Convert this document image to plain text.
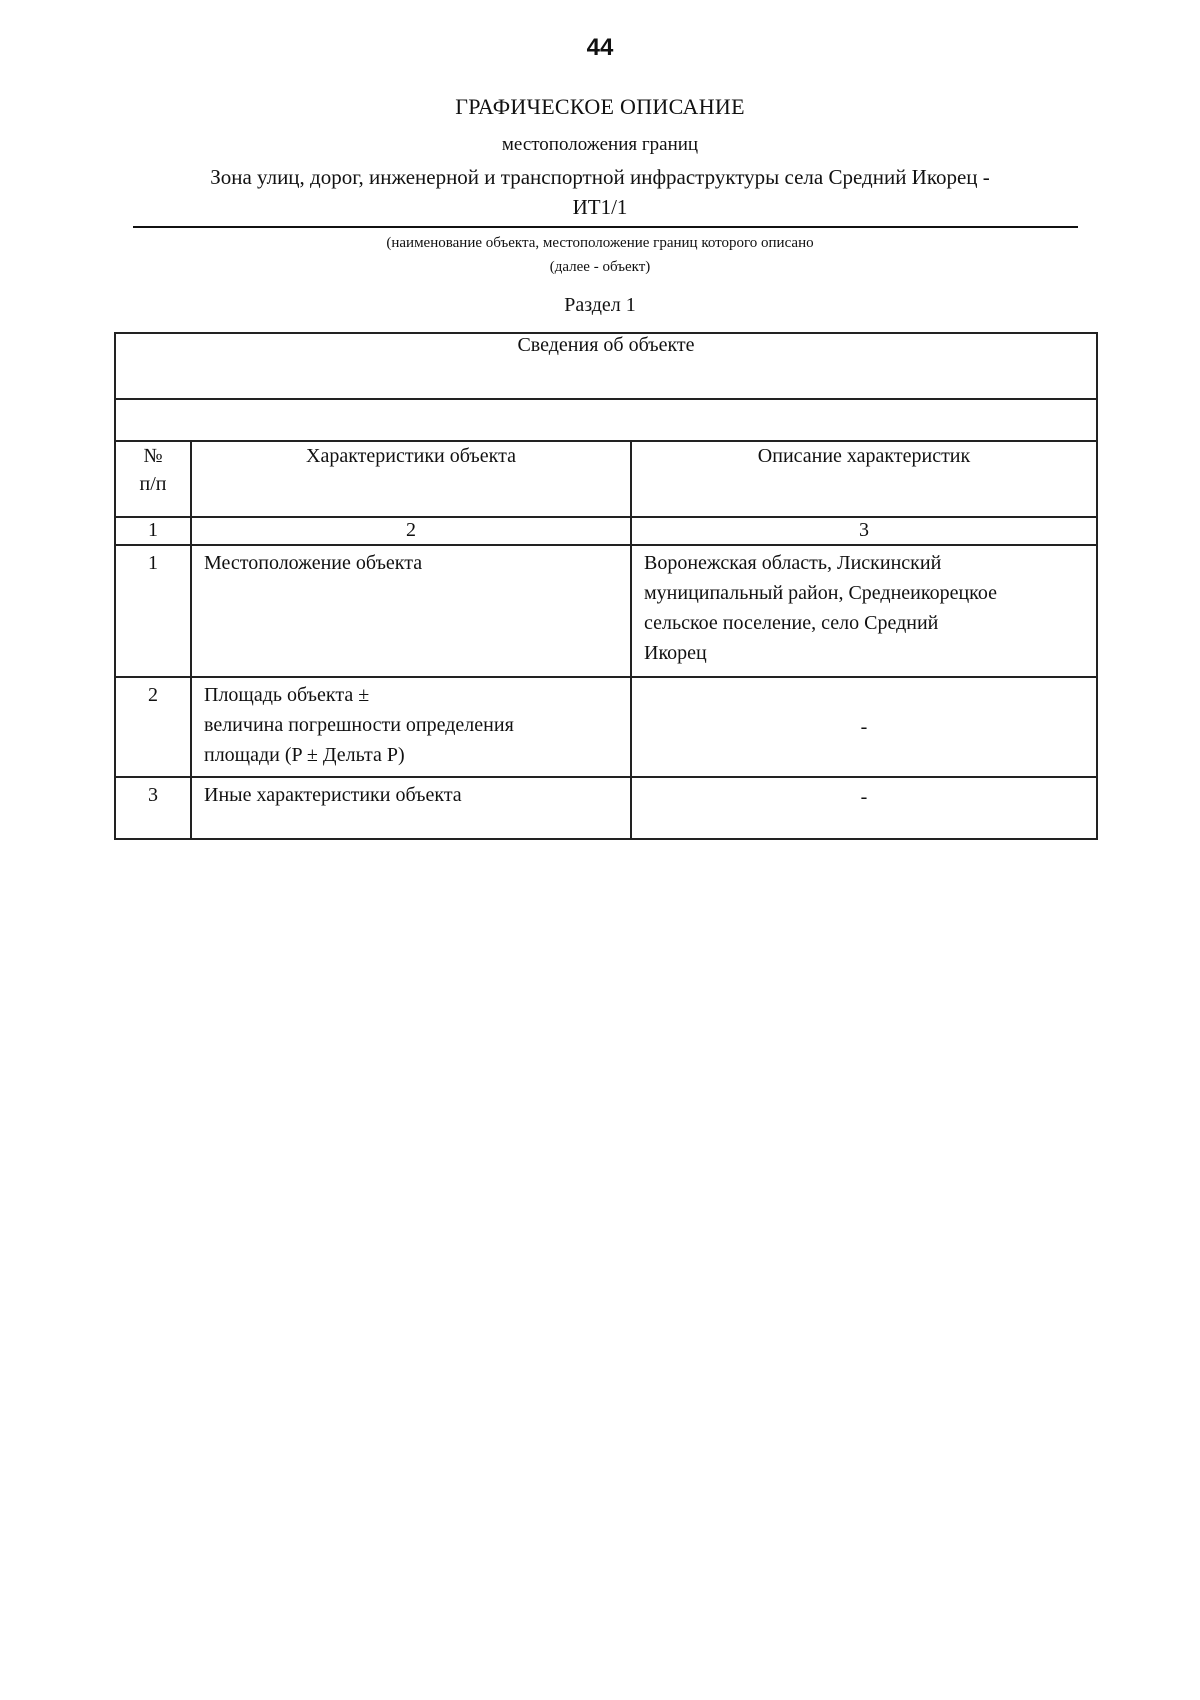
44
ГРАФИЧЕСКОЕ ОПИСАНИЕ
местоположения границ
Зона улиц, дорог, инженерной и транспортной инфраструктуры села Средний Икорец -
ИТ1/1
(наименование объекта, местоположение границ которого описано
(далее - объект)
Раздел 1
Сведения об объекте		

№
п/п	Характеристики объекта	Описание характеристик
1	2	3
1	Местоположение объекта	Воронежская область, Лискинский
муниципальный район, Среднеикорецкое
сельское поселение, село Средний
Икорец

2	Площадь объекта ±
величина погрешности определения
площади (P ± Дельта P)	-
3	Иные характеристики объекта	-
